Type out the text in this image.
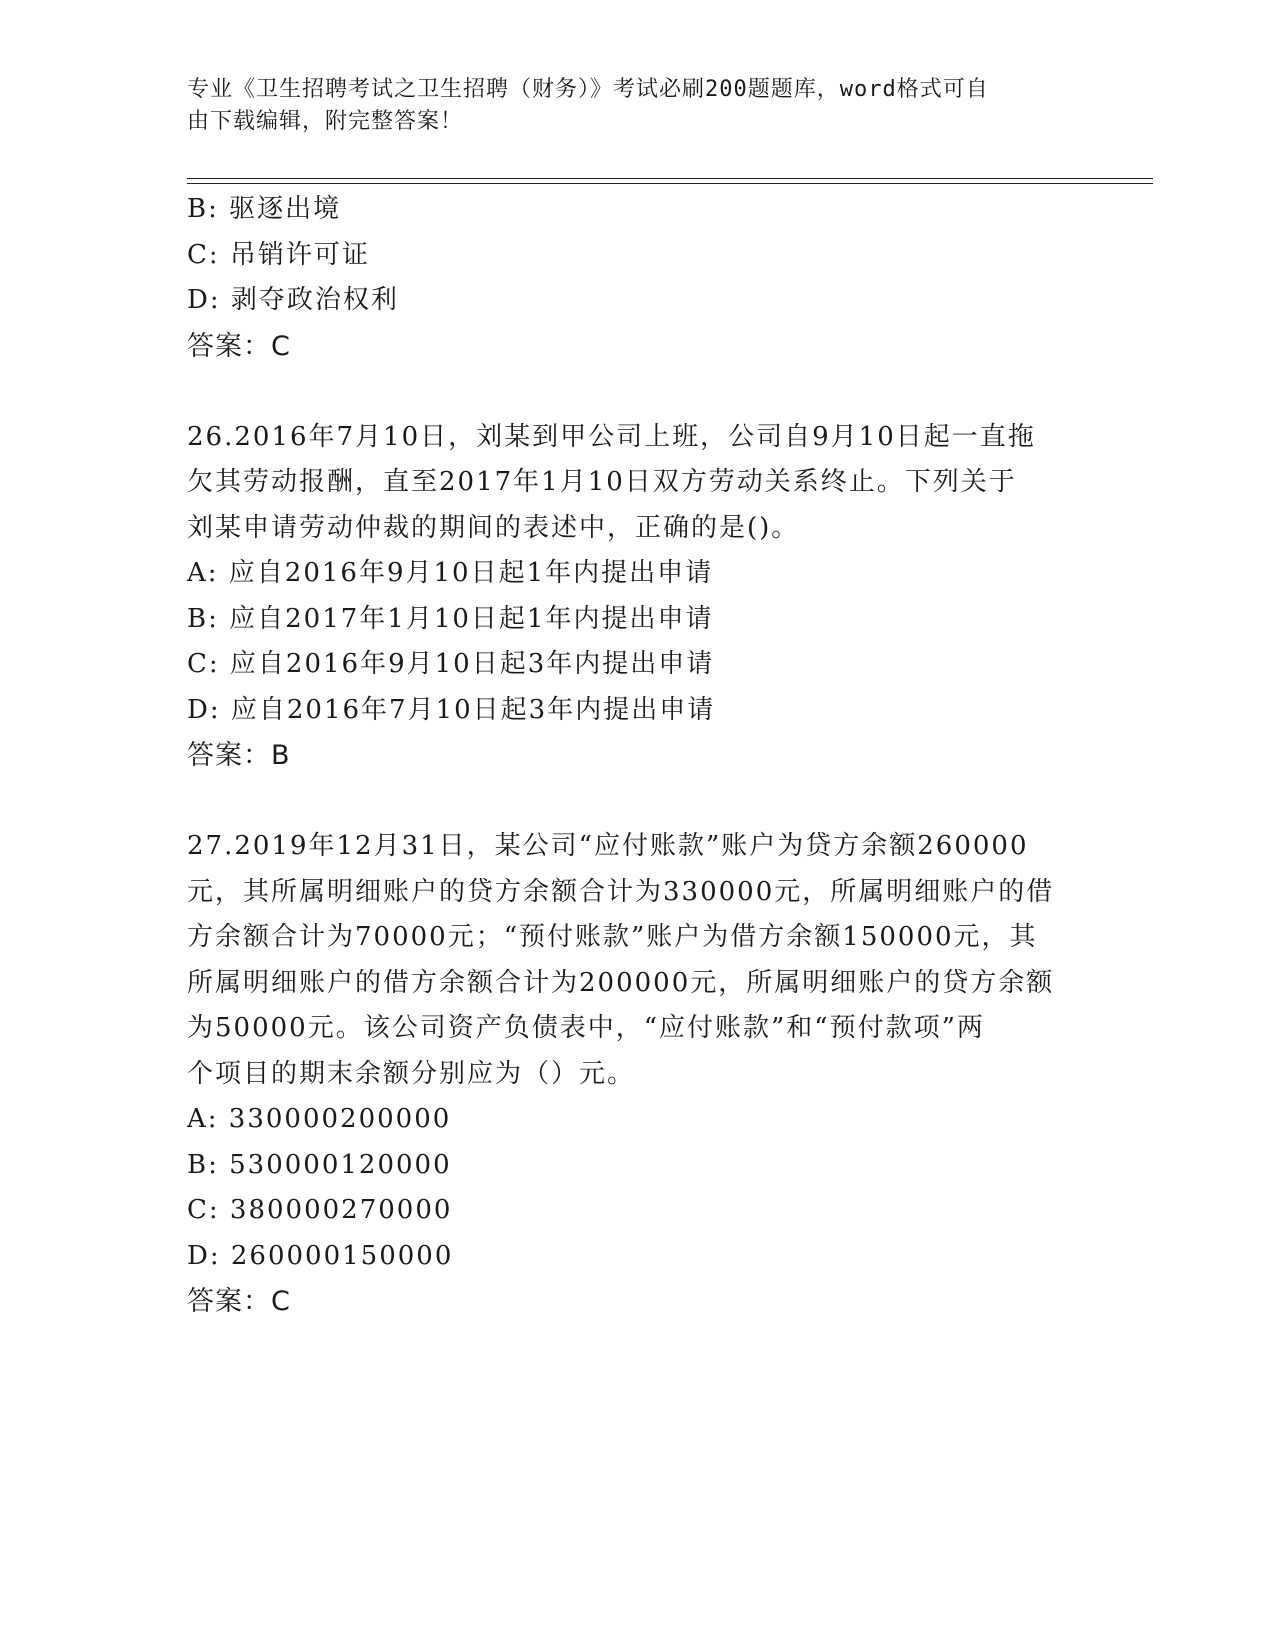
专业《卫生招聘考试之卫生招聘（财务）》考试必刷200题题库，word格式可自
由下载编辑，附完整答案！
B: 驱逐出境
C: 吊销许可证
D: 剥夺政治权利
答案：C
26.2016年7月10日，刘某到甲公司上班，公司自9月10日起一直拖
欠其劳动报酬，直至2017年1月10日双方劳动关系终止。下列关于
刘某申请劳动仲裁的期间的表述中，正确的是()。
A: 应自2016年9月10日起1年内提出申请
B: 应自2017年1月10日起1年内提出申请
C: 应自2016年9月10日起3年内提出申请
D: 应自2016年7月10日起3年内提出申请
答案：B
27.2019年12月31日，某公司“应付账款”账户为贷方余额260000
元，其所属明细账户的贷方余额合计为330000元，所属明细账户的借
方余额合计为70000元；“预付账款”账户为借方余额150000元，其
所属明细账户的借方余额合计为200000元，所属明细账户的贷方余额
为50000元。该公司资产负债表中，“应付账款”和“预付款项”两
个项目的期末余额分别应为（）元。
A: 330000200000
B: 530000120000
C: 380000270000
D: 260000150000
答案：C
